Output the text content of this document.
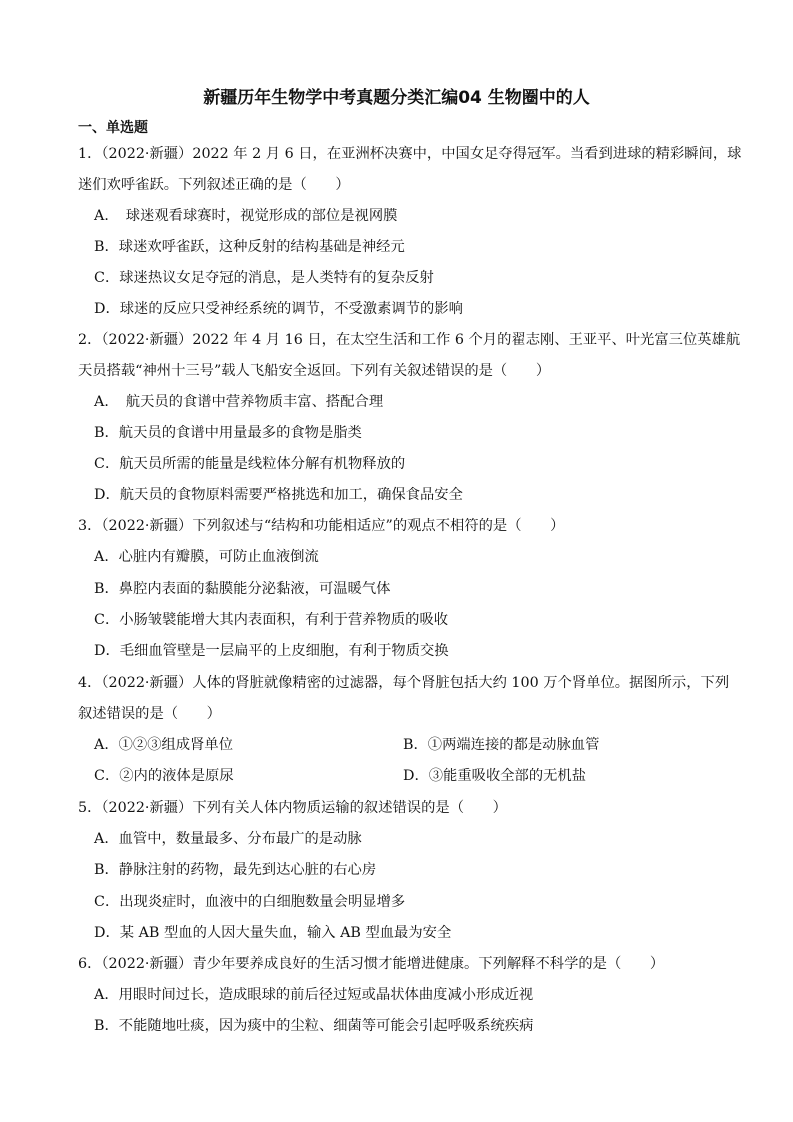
新疆历年生物学中考真题分类汇编04 生物圈中的人
一、单选题
1．（2022·新疆）2022 年 2 月 6 日，在亚洲杯决赛中，中国女足夺得冠军。当看到进球的精彩瞬间，球
迷们欢呼雀跃。下列叙述正确的是（　　）
A．　球迷观看球赛时，视觉形成的部位是视网膜
B．球迷欢呼雀跃，这种反射的结构基础是神经元
C．球迷热议女足夺冠的消息，是人类特有的复杂反射
D．球迷的反应只受神经系统的调节，不受激素调节的影响
2．（2022·新疆）2022 年 4 月 16 日，在太空生活和工作 6 个月的翟志刚、王亚平、叶光富三位英雄航
天员搭载“神州十三号”载人飞船安全返回。下列有关叙述错误的是（　　）
A．　航天员的食谱中营养物质丰富、搭配合理
B．航天员的食谱中用量最多的食物是脂类
C．航天员所需的能量是线粒体分解有机物释放的
D．航天员的食物原料需要严格挑选和加工，确保食品安全
3．（2022·新疆）下列叙述与“结构和功能相适应”的观点不相符的是（　　）
A．心脏内有瓣膜，可防止血液倒流
B．鼻腔内表面的黏膜能分泌黏液，可温暖气体
C．小肠皱襞能增大其内表面积，有利于营养物质的吸收
D．毛细血管壁是一层扁平的上皮细胞，有利于物质交换
4．（2022·新疆）人体的肾脏就像精密的过滤器，每个肾脏包括大约 100 万个肾单位。据图所示，下列
叙述错误的是（　　）
A．①②③组成肾单位	B．①两端连接的都是动脉血管
C．②内的液体是原尿	D．③能重吸收全部的无机盐
5．（2022·新疆）下列有关人体内物质运输的叙述错误的是（　　）
A．血管中，数量最多、分布最广的是动脉
B．静脉注射的药物，最先到达心脏的右心房
C．出现炎症时，血液中的白细胞数量会明显增多
D．某 AB 型血的人因大量失血，输入 AB 型血最为安全
6．（2022·新疆）青少年要养成良好的生活习惯才能增进健康。下列解释不科学的是（　　）
A．用眼时间过长，造成眼球的前后径过短或晶状体曲度减小形成近视
B．不能随地吐痰，因为痰中的尘粒、细菌等可能会引起呼吸系统疾病
